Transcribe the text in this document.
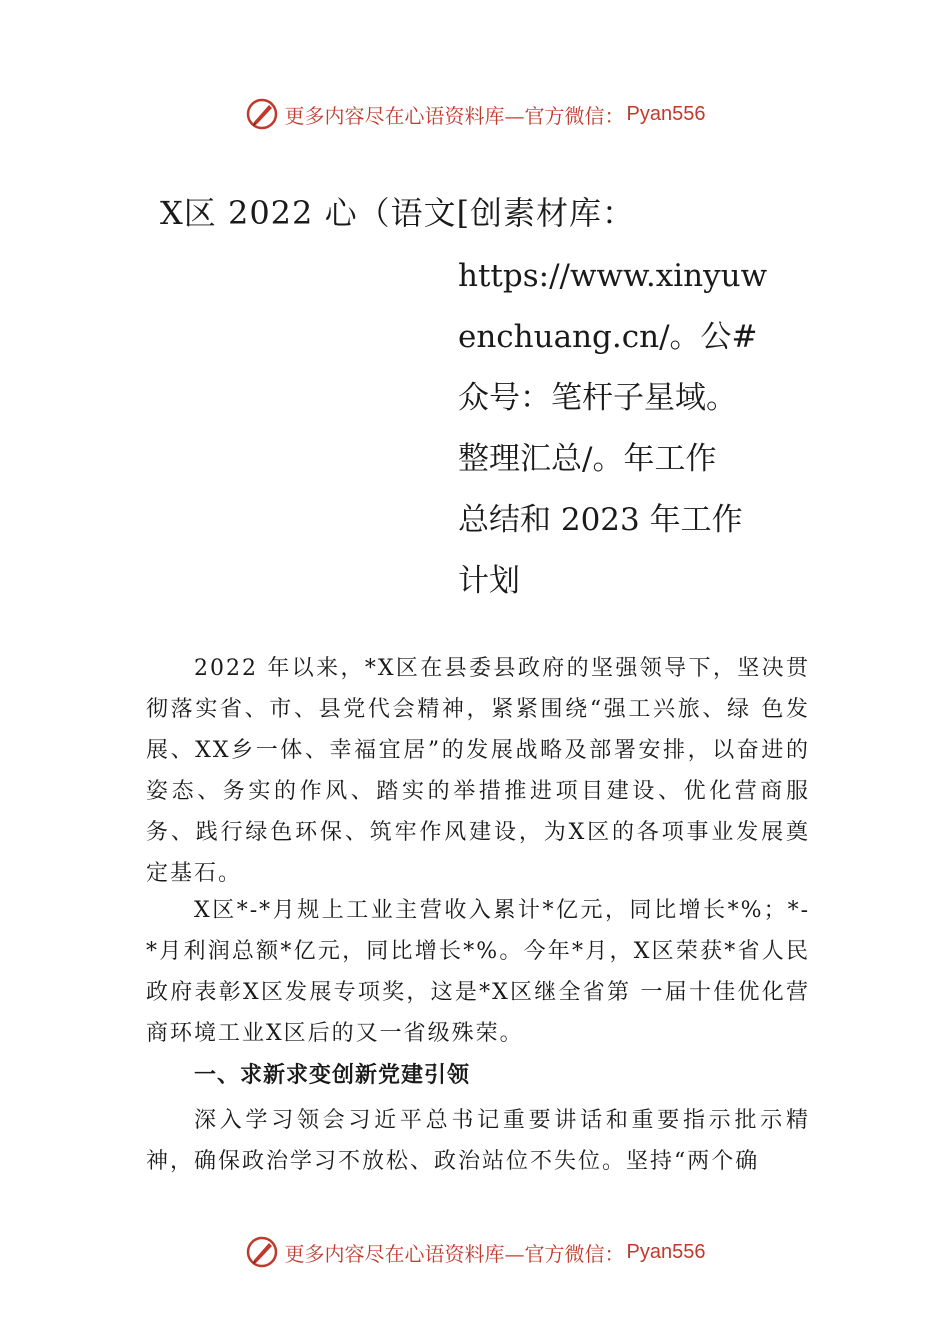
更多内容尽在心语资料库—官方微信： Pyan556
X区 2022 心（语文[创素材库：
https://www.xinyuw
enchuang.cn/。公#
众号：笔杆子星域。
整理汇总/。年工作
总结和 2023 年工作
计划

2022 年以来，*X区在县委县政府的坚强领导下，坚决贯彻落实省、市、县党代会精神，紧紧围绕“强工兴旅、绿 色发展、XX乡一体、幸福宜居”的发展战略及部署安排，以奋进的姿态、务实的作风、踏实的举措推进项目建设、优化营商服务、践行绿色环保、筑牢作风建设，为X区的各项事业发展奠定基石。

X区*-*月规上工业主营收入累计*亿元，同比增长*%；*-*月利润总额*亿元，同比增长*%。今年*月，X区荣获*省人民政府表彰X区发展专项奖，这是*X区继全省第 一届十佳优化营商环境工业X区后的又一省级殊荣。

一、求新求变创新党建引领

深入学习领会习近平总书记重要讲话和重要指示批示精神，确保政治学习不放松、政治站位不失位。坚持“两个确

更多内容尽在心语资料库—官方微信： Pyan556
